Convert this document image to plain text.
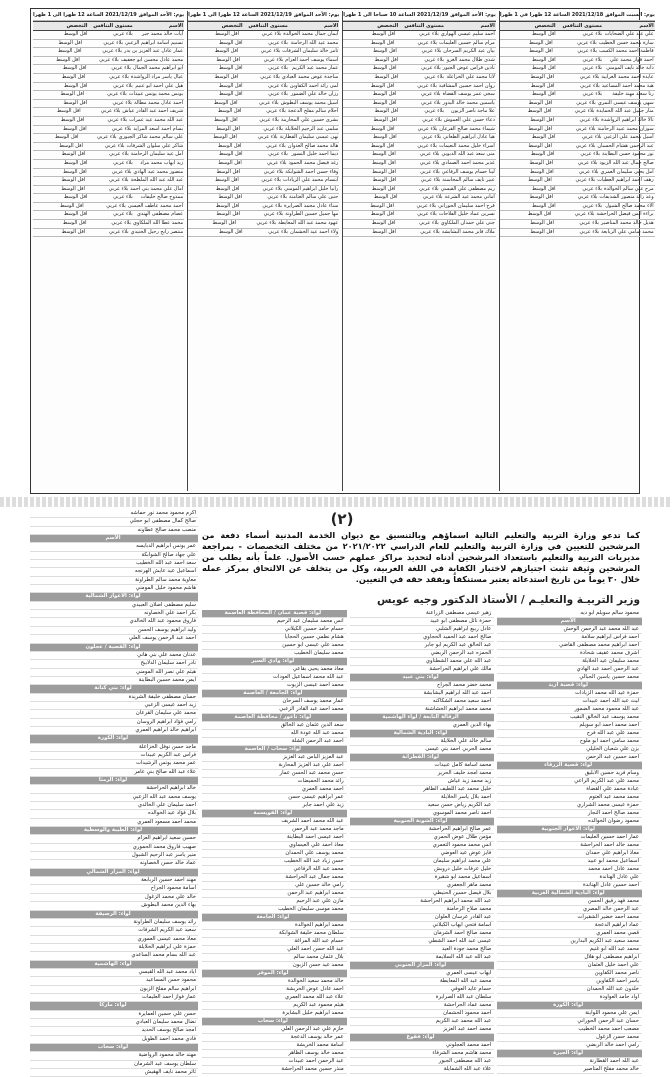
يوم: الأحد الموافق 2021/12/19 الساعة 12 ظهرا الى 1 ظهرا
الاسم
مستوى التنافس
التخصص
ايات خالد محمد جبر
بلاء عربي
اقل الوسط
تسنيم اسامة ابراهيم الزعبي
بلاء عربي
اقل الوسط
عمار عادل عبد العزيز بن بدر
بلاء عربي
اقل الوسط
محمد عادل محسن ابو جعفيف
بلاء عربي
اقل الوسط
ابو ابراهيم محمد الجمال
بلاء عربي
اقل الوسط
عيال ياسر مراد الرواشدة
بلاء عربي
اقل الوسط
هيل علي احمد ابو عنيم
بلاء عربي
اقل الوسط
يونس محمد يونس عبيدات
بلاء عربي
اقل الوسط
احمد عادل محمد مطالة
بلاء عربي
اقل الوسط
شريف احمد عبد القادر عياش
بلاء عربي
اقل الوسط
عبد الله محمد عيد عمرات
بلاء عربي
اقل الوسط
بسام احمد اسعد المرايد
بلاء عربي
اقل الوسط
علي سالم محمد شاكر الجبوري
بلاء عربي
اقل الوسط
شاكر علي سلوان الشرفات
بلاء عربي
اقل الوسط
امل عيد سليمان الرحامنة
بلاء عربي
اقل الوسط
زيد ايهاب محمد مراد
بلاء عربي
اقل الوسط
منصور محمد عبد الهادي
بلاء عربي
اقل الوسط
عبد الله عبد الله الملطحة
بلاء عربي
اقل الوسط
امال علي محمد بني احمد
بلاء عربي
اقل الوسط
ممدوح صالح خليفات
بلاء عربي
اقل الوسط
احمد محمد عاطف العيسى
بلاء عربي
اقل الوسط
عصام مصطفى الهندي
بلاء عربي
اقل الوسط
محمد عطا الله الملكاوي
بلاء عربي
اقل الوسط
منتصر رابح رحيل الجنيدي
بلاء عربي
اقل الوسط
يوم: الأحد الموافق 2021/12/19 الساعة 12 ظهرا الى 1 ظهرا
الاسم
مستوى التنافس
التخصص
ايمان جمال محمد الخوالدة
بلاء عربي
اقل الوسط
محمد عيد الله الرحامنة
بلاء عربي
اقل الوسط
ثامر خالد سليمان الشرفات
بلاء عربي
اقل الوسط
اسماء يوسف احمد العزام
بلاء عربي
اقل الوسط
عمار محمد عبد الكريم
بلاء عربي
اقل الوسط
ساجدة عوض محمد العبادي
بلاء عربي
اقل الوسط
لمى رائد احمد الكفاوين
بلاء عربي
اقل الوسط
رزان خالد علي الضمور
بلاء عربي
اقل الوسط
اسيل محمد يوسف البطوش
بلاء عربي
اقل الوسط
احلام سالم مفلح الدعجة
بلاء عربي
اقل الوسط
بشرى حسين علي المحارمة
بلاء عربي
اقل الوسط
سلمى عبد الرحيم الخلايلة
بلاء عربي
اقل الوسط
نهى عيسى سليمان القطارنة
بلاء عربي
اقل الوسط
هالة محمد صالح العدوان
بلاء عربي
اقل الوسط
ديما احمد خليل النسور
بلاء عربي
اقل الوسط
رغد فيصل محمد الحمود
بلاء عربي
اقل الوسط
وفاء حسن احمد الشوابكة
بلاء عربي
اقل الوسط
ابتسام محمد علي الزيادات
بلاء عربي
اقل الوسط
رانيا خليل ابراهيم المومني
بلاء عربي
اقل الوسط
حنين علي سالم العثامنة
بلاء عربي
اقل الوسط
سناء عادل محمد الصرايرة
بلاء عربي
اقل الوسط
مها جميل حسين الطراونة
بلاء عربي
اقل الوسط
عهود محمد عبد الله المعايطة
بلاء عربي
اقل الوسط
ولاء احمد عيد الخشمان
بلاء عربي
اقل الوسط
يوم: الأحد الموافق 2021/12/19 الساعة 10 صباحا الى 1 ظهرا
الاسم
مستوى التنافس
التخصص
احمد سليم عيسى الهواري
بلاء عربي
اقل الوسط
مرام سالم حسين العليمات
بلاء عربي
اقل الوسط
بيان عبد الكريم السرحان
بلاء عربي
اقل الوسط
شذى طلال محمد الغزو
بلاء عربي
اقل الوسط
نادين فراس عوض الجبور
بلاء عربي
اقل الوسط
لانا محمد علي الخزاعلة
بلاء عربي
اقل الوسط
روان احمد حسين المشاقبة
بلاء عربي
اقل الوسط
سجى عمر يوسف القضاة
بلاء عربي
اقل الوسط
ياسمين محمد خالد البدور
بلاء عربي
اقل الوسط
علا ماجد ناصر الزبون
بلاء عربي
اقل الوسط
دعاء حسن علي العموش
بلاء عربي
اقل الوسط
شيماء محمد صالح القرعان
بلاء عربي
اقل الوسط
هيا عادل ابراهيم الطعاني
بلاء عربي
اقل الوسط
اسراء خليل محمد النعيمات
بلاء عربي
اقل الوسط
منى سعد عبد الله الدبوبي
بلاء عربي
اقل الوسط
غدير محمد احمد الصمادي
بلاء عربي
اقل الوسط
لينا حسام يوسف الرفاعي
بلاء عربي
اقل الوسط
عبير نايف سالم المحاسنة
بلاء عربي
اقل الوسط
ريم مصطفى علي القيسي
بلاء عربي
اقل الوسط
اماني محمد عيد الشرعة
بلاء عربي
اقل الوسط
فرح احمد سليمان الحوراني
بلاء عربي
اقل الوسط
نسرين عماد خليل الفلاحات
بلاء عربي
اقل الوسط
جنى علي حمدان الملكاوي
بلاء عربي
اقل الوسط
ملاك فايز محمد البشابشة
بلاء عربي
اقل الوسط
يوم: السبت الموافق 2021/12/18 الساعة 12 ظهرا في 1 ظهرا
الاسم
مستوى التنافس
التخصص
علي عيد علي الضحايات
بلاء عربي
اقل الوسط
سارة محمد حسن الخطيب
بلاء عربي
اقل الوسط
فاطمة احمد محمد الكسب
بلاء عربي
اقل الوسط
احمد فواز محمد علي
بلاء عربي
اقل الوسط
دانة خالد نايف المومني
بلاء عربي
اقل الوسط
عايدة احمد محمد الغرايبة
بلاء عربي
اقل الوسط
هبة محمد احمد المساعيد
بلاء عربي
اقل الوسط
رنا سعيد مهند خليفة
بلاء عربي
اقل الوسط
سهى يوسف عيسى النمري
بلاء عربي
اقل الوسط
منار جميل عبد الله الحمايدة
بلاء عربي
اقل الوسط
تالا خالد ابراهيم الرواشدة
بلاء عربي
اقل الوسط
سوزان محمد عبيد الرحامنة
بلاء عربي
اقل الوسط
أسيل محمد علي الزعبي
بلاء عربي
اقل الوسط
عبد الرحمن هشام الحسبان
بلاء عربي
اقل الوسط
نور محمود حسن البطاينة
بلاء عربي
اقل الوسط
صالح جمال عبد الله الزيود
بلاء عربي
اقل الوسط
امل يحيى سليمان العمري
بلاء عربي
اقل الوسط
رهف احمد ابراهيم العطيات
بلاء عربي
اقل الوسط
مرح علي سالم الخوالدة
بلاء عربي
اقل الوسط
وعد رائد منصور الشديفات
بلاء عربي
اقل الوسط
الاء محمد صالح الشبول
بلاء عربي
اقل الوسط
براءة ايمن فيصل الحراحشة
بلاء عربي
اقل الوسط
هديل خالد محمد المناصير
بلاء عربي
اقل الوسط
محمد سامي علي الربابعة
بلاء عربي
اقل الوسط
اكرم محمود محمد نور حماشه
صالح كمال مصطفى ابو حجلي
منصب محمد صالح عطاونه
الأسم
عمر يونس ابراهيم الدبايسه
علي جهاد صالح الشوابكة
سعد احمد عبد الله الخطيب
اسماعيل عيد عايش الهرنجه
معاوية محمد سالم الطراونة
هاشم محمود خليل المومني
لواء: الاغوار الشمالية
سليم مصطفى اصلان العبيدي
بكر احمد علي الخصاونه
فاروق محمود عبد الله الخالدي
وليد ابراهيم يوسف الحسن
احمد عبد الرحمن يوسف العلي
لواء: القصبة / عجلون
عدنان محمد علي بني هاني
نادر احمد سليمان الدلابيح
هيثم علي نصر الله المومني
ايمن محمد حسين البطاينة
لواء: بني كنانة
حسان مصطفى خليفة الشريدة
زيد احمد عيسى الزعبي
محمد علي سليمان القرعان
رامي فؤاد ابراهيم الروسان
ابراهيم خالد ابراهيم العمري
لواء: الكورة
ماجد حسن نوفل الخزاعلة
فراس عبد الكريم عبيدات
عمر محمد يونس الرشيدات
علاء عبد الله صالح بني عامر
لواء: الرمثا
خالد ابراهيم الحراحشة
يوسف محمد عبد الله الزعبي
احمد سليمان علي الخالدي
بلال فؤاد عيد الخوالده
محمد احمد مسعود العمري
لواء: الطيبة والوسطية
حسين سعيد ابراهيم العزام
صهيب فاروق محمد الحموري
منير ياسر عبد الرحيم الشبول
عماد خالد حسن الخصاونه
لواء: المزار الشمالي
مهند احمد حسين الربابعة
اسامة محمود الجراح
خالد علي محمد الزغول
بهاء الدين محمد البطوش
لواء: الرصيفة
رائد يوسف سليمان الطراونة
سعيد عبد الكريم الشرفات
معاذ محمد عيسى العموري
حمزة علي ابراهيم الخلايلة
عبد الله بسام محمد الساعدي
لواء: الهاشمية
اياد محمد عبد الله القيسي
محمود حسن المساعيد
ابراهيم سالم مفلح الزبون
عمار فواز احمد العليمات
لواء: ماركا
حسن علي حسين العمايرة
نضال محمد سليمان العبادي
امجد صالح يوسف الحديد
فادي محمد احمد الطويل
لواء: سحاب
مهند خالد محمود الرواضية
سلطان يوسف عيد الشرمان
ثائر محمد نايف الهقيش
(٢)
كما تدعو وزارة التربية والتعليم التالية اسماؤهم وبالتنسيق مع ديوان الخدمة المدنية أسماء دفعة من المرشحين للتعيين في وزارة التربية والتعليم للعام الدراسي ٢٠٢١/٢٠٢٢ من مختلف التخصصات - بمراجعة مديريات التربية والتعليم باستعداد المرشحين أدناه لتحديد مراكز عملهم حسب الأصول. علماً بأنه يطلب من المرشحين وثيقة تثبت اجتيازهم لاختبار الكفاية في اللغة العربية، وكل من يتخلف عن الالتحاق بمركز عمله خلال ٣٠ يوماً من تاريخ استدعائه يعتبر مستنكفاً ويفقد حقه في التعيين.
وزير التربيـة والتعليـم / الأستاذ الدكتور وجيه عويس
لواء: قصبة عمان / المحافظة العاصمة
انس محمد سليمان عبد الرحيم
حسام حامد حسين الكيلاني
هشام نظمي حسين الحجايا
محمد علي عيسى ابو حسين
محمد سليمان الخطيب
لواء: وادي السير
معاذ محمد يحيى بقاعي
عبد الله محمد اسماعيل العودات
محمد احمد عيسى الزيوت
لواء: الجامعة / العاصمة
عمار محمد يوسف السرحان
محمد احمد عبد القادر الزعبي
لواء: ناعور / محافظة العاصمة
سعد الدين عثمان عبد الخالق
محمد عبد الله عودة الله
احمد عبد الرحمن الشلة
لواء: سحاب / العاصمة
عبد العزيز الياس عبد العزيز
احمد علي عبد العزيز المحاربة
حسن محمد عبد الحسن عمار
رائد محمد الحميضات
احمد محمد العمري
عمر ابراهيم عيسى حسن
زيد علي احمد جابر
لواء: القويسمة
عبد الله محمد احمد الشريف
ماجد محمد عبد الرحمن
احمد عيسى احمد البطاينة
معاذ احمد علي العيساوي
محمد يوسف علي الحمدان
حسن زياد عبد الله الخطيب
محمد عبد الله الرفاعي
محمد جمال عيد الحراحشة
رامي خالد حسين علي
محمد ابراهيم عبد الرحمن
مازن علي عبد الرحيم
محمد موسى سليمان الخطيب
لواء: الجامعة
محمد ابراهيم الخوالدة
سلطان محمد خليفة الشوابكة
حسام عبد الله المراغة
عبد الله حسن احمد العلي
بلال عثمان محمد سالم
محمد عيد حسن الزبون
لواء: الموقر
خالد محمد سعيد الخوالدة
احمد عادل عوض الخريشة
علاء عبد الله محمد العمري
هيثم محمود عبد الكريم
محمد ابراهيم خليل البشايرة
لواء: سحاب
حازم علي عبد الرحمن العلي
عمر خالد يوسف الدعجة
اسامة محمد الخريشة
محمد خالد يوسف الظاهر
عبد الرحمن احمد عبيدات
منذر حسين محمد الحراحشة
زهير عيسى مصطفى الزراعنة
حمزة نائل مصطفى ابو عبيد
عادل ربيع ابراهيم الشلبي
صالح احمد عبد الحميد الحجاوي
عبد الخالق عبد الكريم ابو جابر
الحمزه عبد الرحمن الربضي
عبد الله علي محمد الشطناوي
مالك علي ابراهيم الحراحشة
لواء: بني عبيد
محمد خضر محمد الجراح
احمد عبد الله ابراهيم البشابشة
احمد سعيد محمد الشكاكنه
محمد محمد ابراهيم الخشاشنة
الرقالة التابعة / لواء الهاشمية
بهاء الدين العمري
لواء: البادية الشمالية
سالم خالد علي الخلايلة
محمد الحربي احمد بني عيسى
لواء: القطرانة
محمد اسامة كامل عبيدات
محمد امجد خليف الحرير
زيد محمد زيد عياش
خليل محمد عبد اللطيف الطاهر
احمد بلال ياسر الخلايلة
عبد الكريم رياض حسن سعيد
احمد ناصر محمد الموسوي
لواء: الشونة الجنوبية
عمر صالح ابراهيم الحراحشة
مؤمن طلال عوض الحمري
انس محمد محمود التعمري
فايز عوض عيد العوضي
علي محمد ابراهيم سليمان
خليل عرفات خليل دروبش
اسماعيل محمد ابو شقيرة
محمد ماهر الجعفري
بلال فيصل حسين الحنيطي
عبد الله محمد ابراهيم الحراحشة
محمد صلاح الرحامنة
عبد القادر عرسان العلوان
اسامة فتحي ايهاب الكيلاني
محمد صالح احمد الشرمان
عيسى عبد الله احمد الشطي
صالح محمد جودة العيد
عبد الله عبد الله السلايمة
لواء: المزار الجنوبي
ايهاب عيسى العمري
محمد عبد الله المعايطة
حسام عايد العوفي
سلطان عبد الله الصرايرة
محمد عماد الحراحشة
احمد محمود الخشمان
عبد الله محمد عبد الكريم
محمد احمد عبد العزيز
لواء: فقوع
احمد محمد العجلوني
محمد هاشم محمد الشرفاء
عبد الله مصطفى الجبور
علاء عبد الله الشمايلة
محمود سالم سويلم ابو ديه
الأسم
عبد الله محمد عبد الرحمن الوحش
احمد فراس ابراهيم سلامة
احمد ابراهيم محمد مصطفى القاضي
اشرف محمد عفيف شحادة
محمد سليمان عيد الخلايلة
عبد الرحمن احمد عبد الهادي
محمد حسين ياسين الجبالي
لواء: قصبة اربد
حمزة عيد الله محمد الزيادات
ليث عبد الله احمد عبيدات
عبد الله محمود محمد الضمور
محمد يوسف عبد الخالق النقيب
احمد محمد احمد ابو سويلم
محمد علي عبد الله فرج
محمد سامي احمد ابو ملوح
يزن علي شعبان الخليلي
احمد حسين عبد الرحمن
لواء: قصبة الزرقاء
وسام فريد حسين الابليق
محمد علي عبد الكريم الراعي
عبادة محمد علي القضاة
محمد محمد عيد العتوم
حمزة عيسى محمد الشراري
محمد صالح احمد النجار
محمود رضوان الخوالده
لواء: الاغوار الجنوبية
عمار احمد حسين العليمات
محمد خالد احمد الحراحشة
معاذ ابراهيم علي حمدان
اسماعيل محمد ابو عبيد
محمد عادل احمد محمد
علي عادل الهناندة
احمد حسين عادل الهناندة
لواء: البادية الشمالية الغربية
محمد فهد رفيق الحسن
عبد الرحمن خالد المصري
محمد احمد خضير الشقيرات
عماد ابراهيم الدعجة
قصي محمد العمري
محمد سعيد عبد الكريم البدارين
محمد عبد الله ابو غنيم
ابراهيم مصطفى ابو هلال
علي احمد خليل العثمان
ناصر محمد الكفاوين
ياسر احمد الكفاوين
خلدون عبد الله الحمدان
اواد حامد العواودة
لواء: الكورة
ايمن علي محمود اللوابنة
حسان عبد الرحمن الحوراني
مصعب احمد محمد الخطيب
محمد حسن الزغول
رامي احمد خالد الربضي
لواء: الجيزة
عبد الله احمد القطارنة
خالد محمد مفلح المناصير
